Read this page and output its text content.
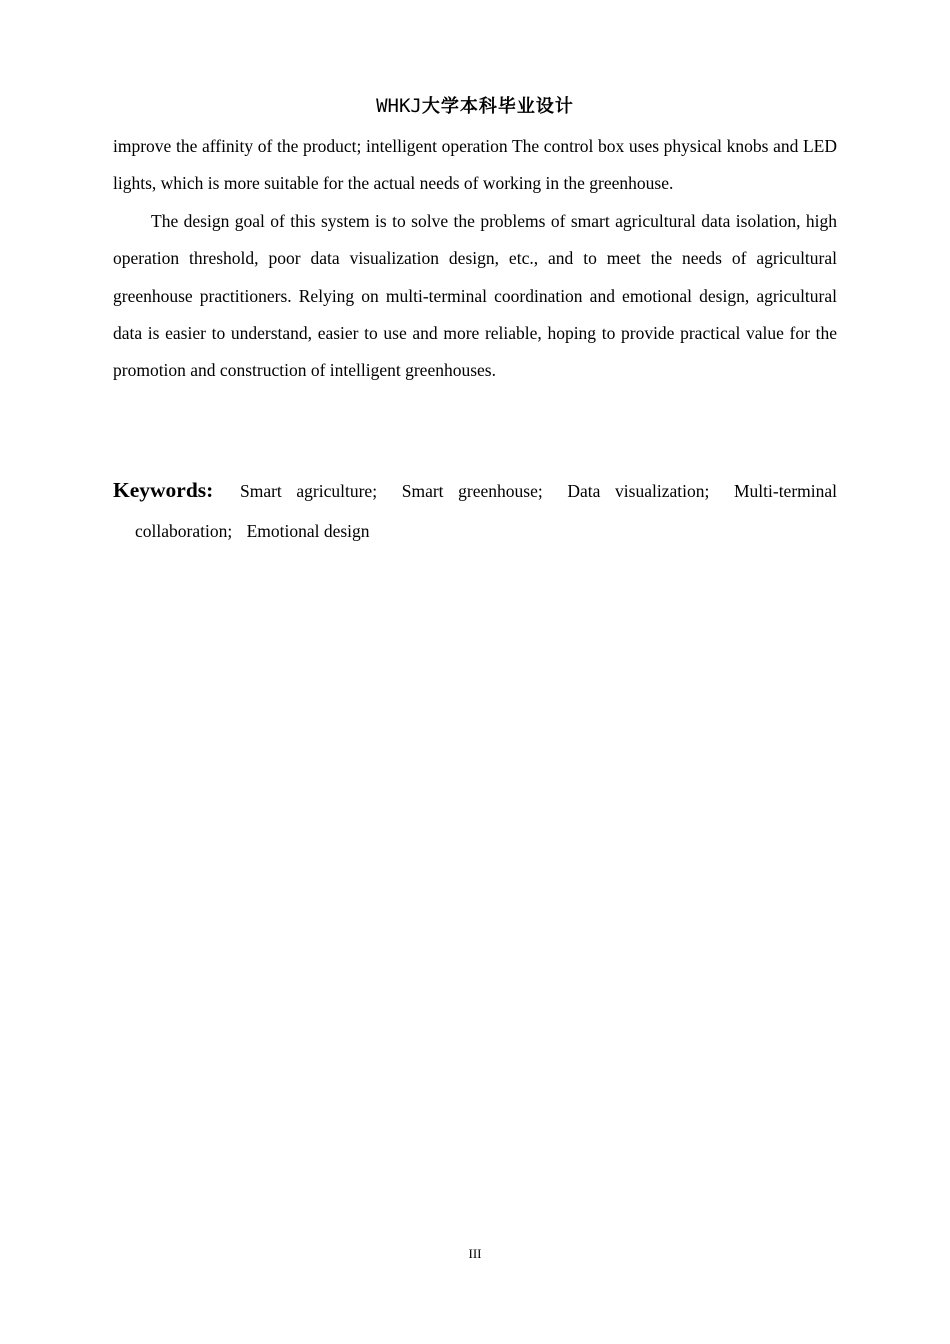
WHKJ大学本科毕业设计

improve the affinity of the product; intelligent operation The control box uses physical knobs and LED lights, which is more suitable for the actual needs of working in the greenhouse.

The design goal of this system is to solve the problems of smart agricultural data isolation, high operation threshold, poor data visualization design, etc., and to meet the needs of agricultural greenhouse practitioners. Relying on multi-terminal coordination and emotional design, agricultural data is easier to understand, easier to use and more reliable, hoping to provide practical value for the promotion and construction of intelligent greenhouses.

Keywords: Smart agriculture; Smart greenhouse; Data visualization; Multi-terminal
collaboration; Emotional design
III
